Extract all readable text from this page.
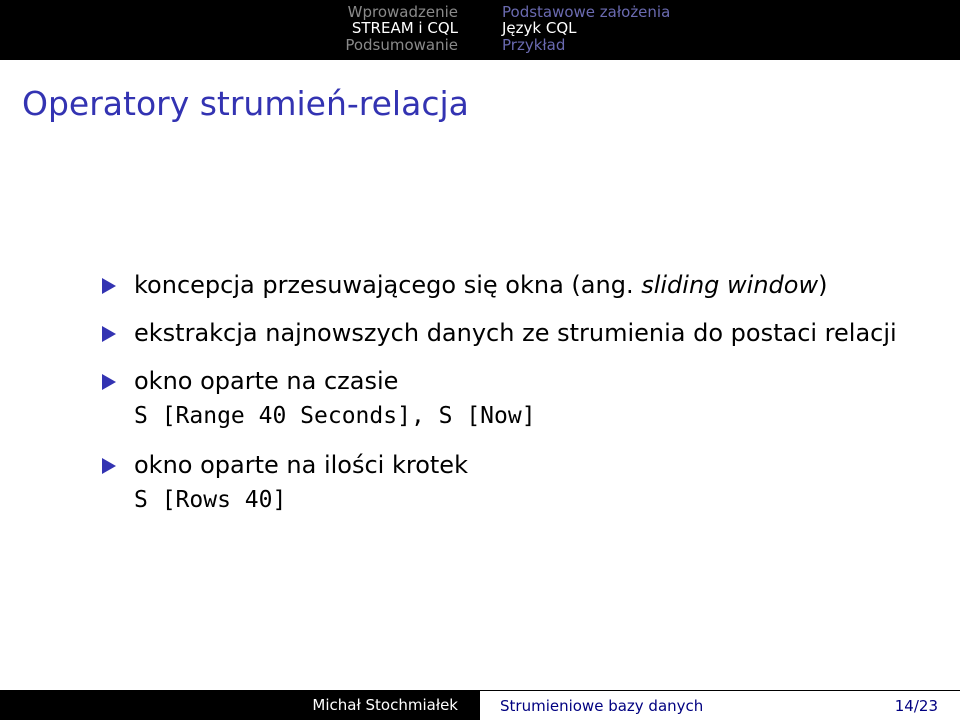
Wprowadzenie
STREAM i CQL
Podsumowanie
Podstawowe założenia
Język CQL
Przykład
Operatory strumień-relacja
koncepcja przesuwającego się okna (ang. sliding window)
ekstrakcja najnowszych danych ze strumienia do postaci relacji
okno oparte na czasie
S [Range 40 Seconds], S [Now]
okno oparte na ilości krotek
S [Rows 40]
Michał Stochmiałek	Strumieniowe bazy danych	14/23
